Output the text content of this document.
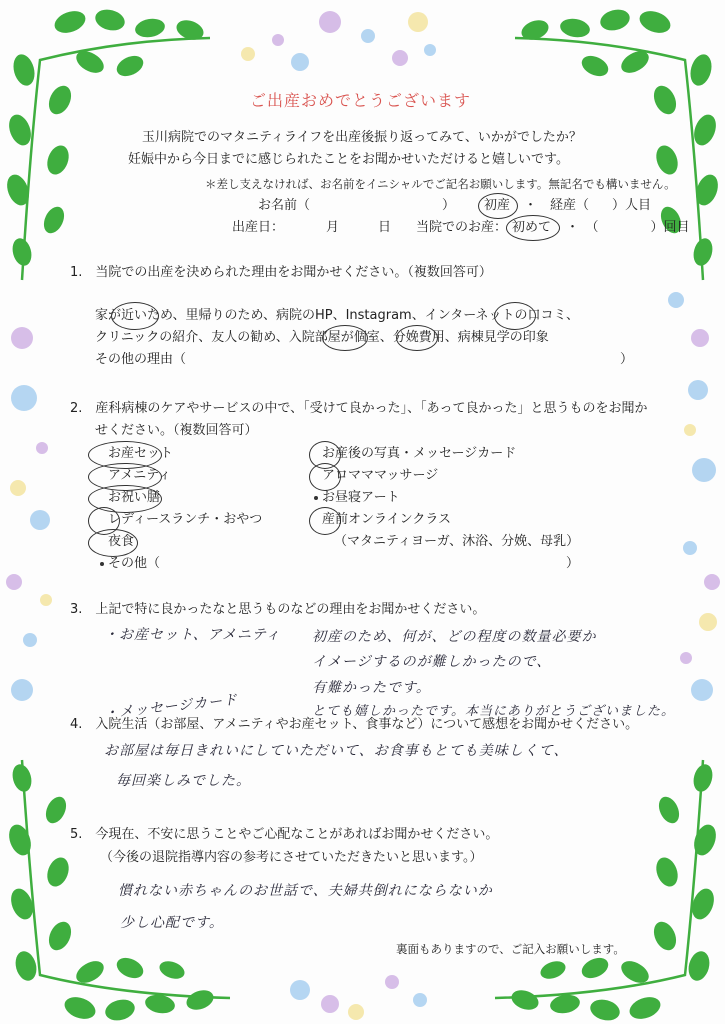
ご出産おめでとうございます
玉川病院でのマタニティライフを出産後振り返ってみて、いかがでしたか？
妊娠中から今日までに感じられたことをお聞かせいただけると嬉しいです。
＊差し支えなければ、お名前をイニシャルでご記名お願いします。無記名でも構いません。
お名前（	） 初産 ・　経産（ ）人目
出産日：	月	日 当院でのお産： 初めて ・　（　　　　）回目
1.　当院での出産を決められた理由をお聞かせください。（複数回答可）
家が近いため、里帰りのため、病院のHP、Instagram、インターネットの口コミ、
クリニックの紹介、友人の勧め、入院部屋が個室、分娩費用、病棟見学の印象
その他の理由（	）
2.　産科病棟のケアやサービスの中で、「受けて良かった」、「あって良かった」と思うものをお聞か
せください。（複数回答可）
お産セット
アメニティ
お祝い膳
レディースランチ・おやつ
夜食
その他（	）
お産後の写真・メッセージカード
アロマママッサージ
お昼寝アート
産前オンラインクラス
（マタニティヨーガ、沐浴、分娩、母乳）
3.　上記で特に良かったなと思うものなどの理由をお聞かせください。
・お産セット、アメニティ 初産のため、何が、どの程度の数量必要か
イメージするのが難しかったので、
有難かったです。
・メッセージカード	とても嬉しかったです。本当にありがとうございました。
4.　入院生活（お部屋、アメニティやお産セット、食事など）について感想をお聞かせください。
お部屋は毎日きれいにしていただいて、お食事もとても美味しくて、
毎回楽しみでした。
5.　今現在、不安に思うことやご心配なことがあればお聞かせください。
（今後の退院指導内容の参考にさせていただきたいと思います。）
慣れない赤ちゃんのお世話で、夫婦共倒れにならないか
少し心配です。
裏面もありますので、ご記入お願いします。
